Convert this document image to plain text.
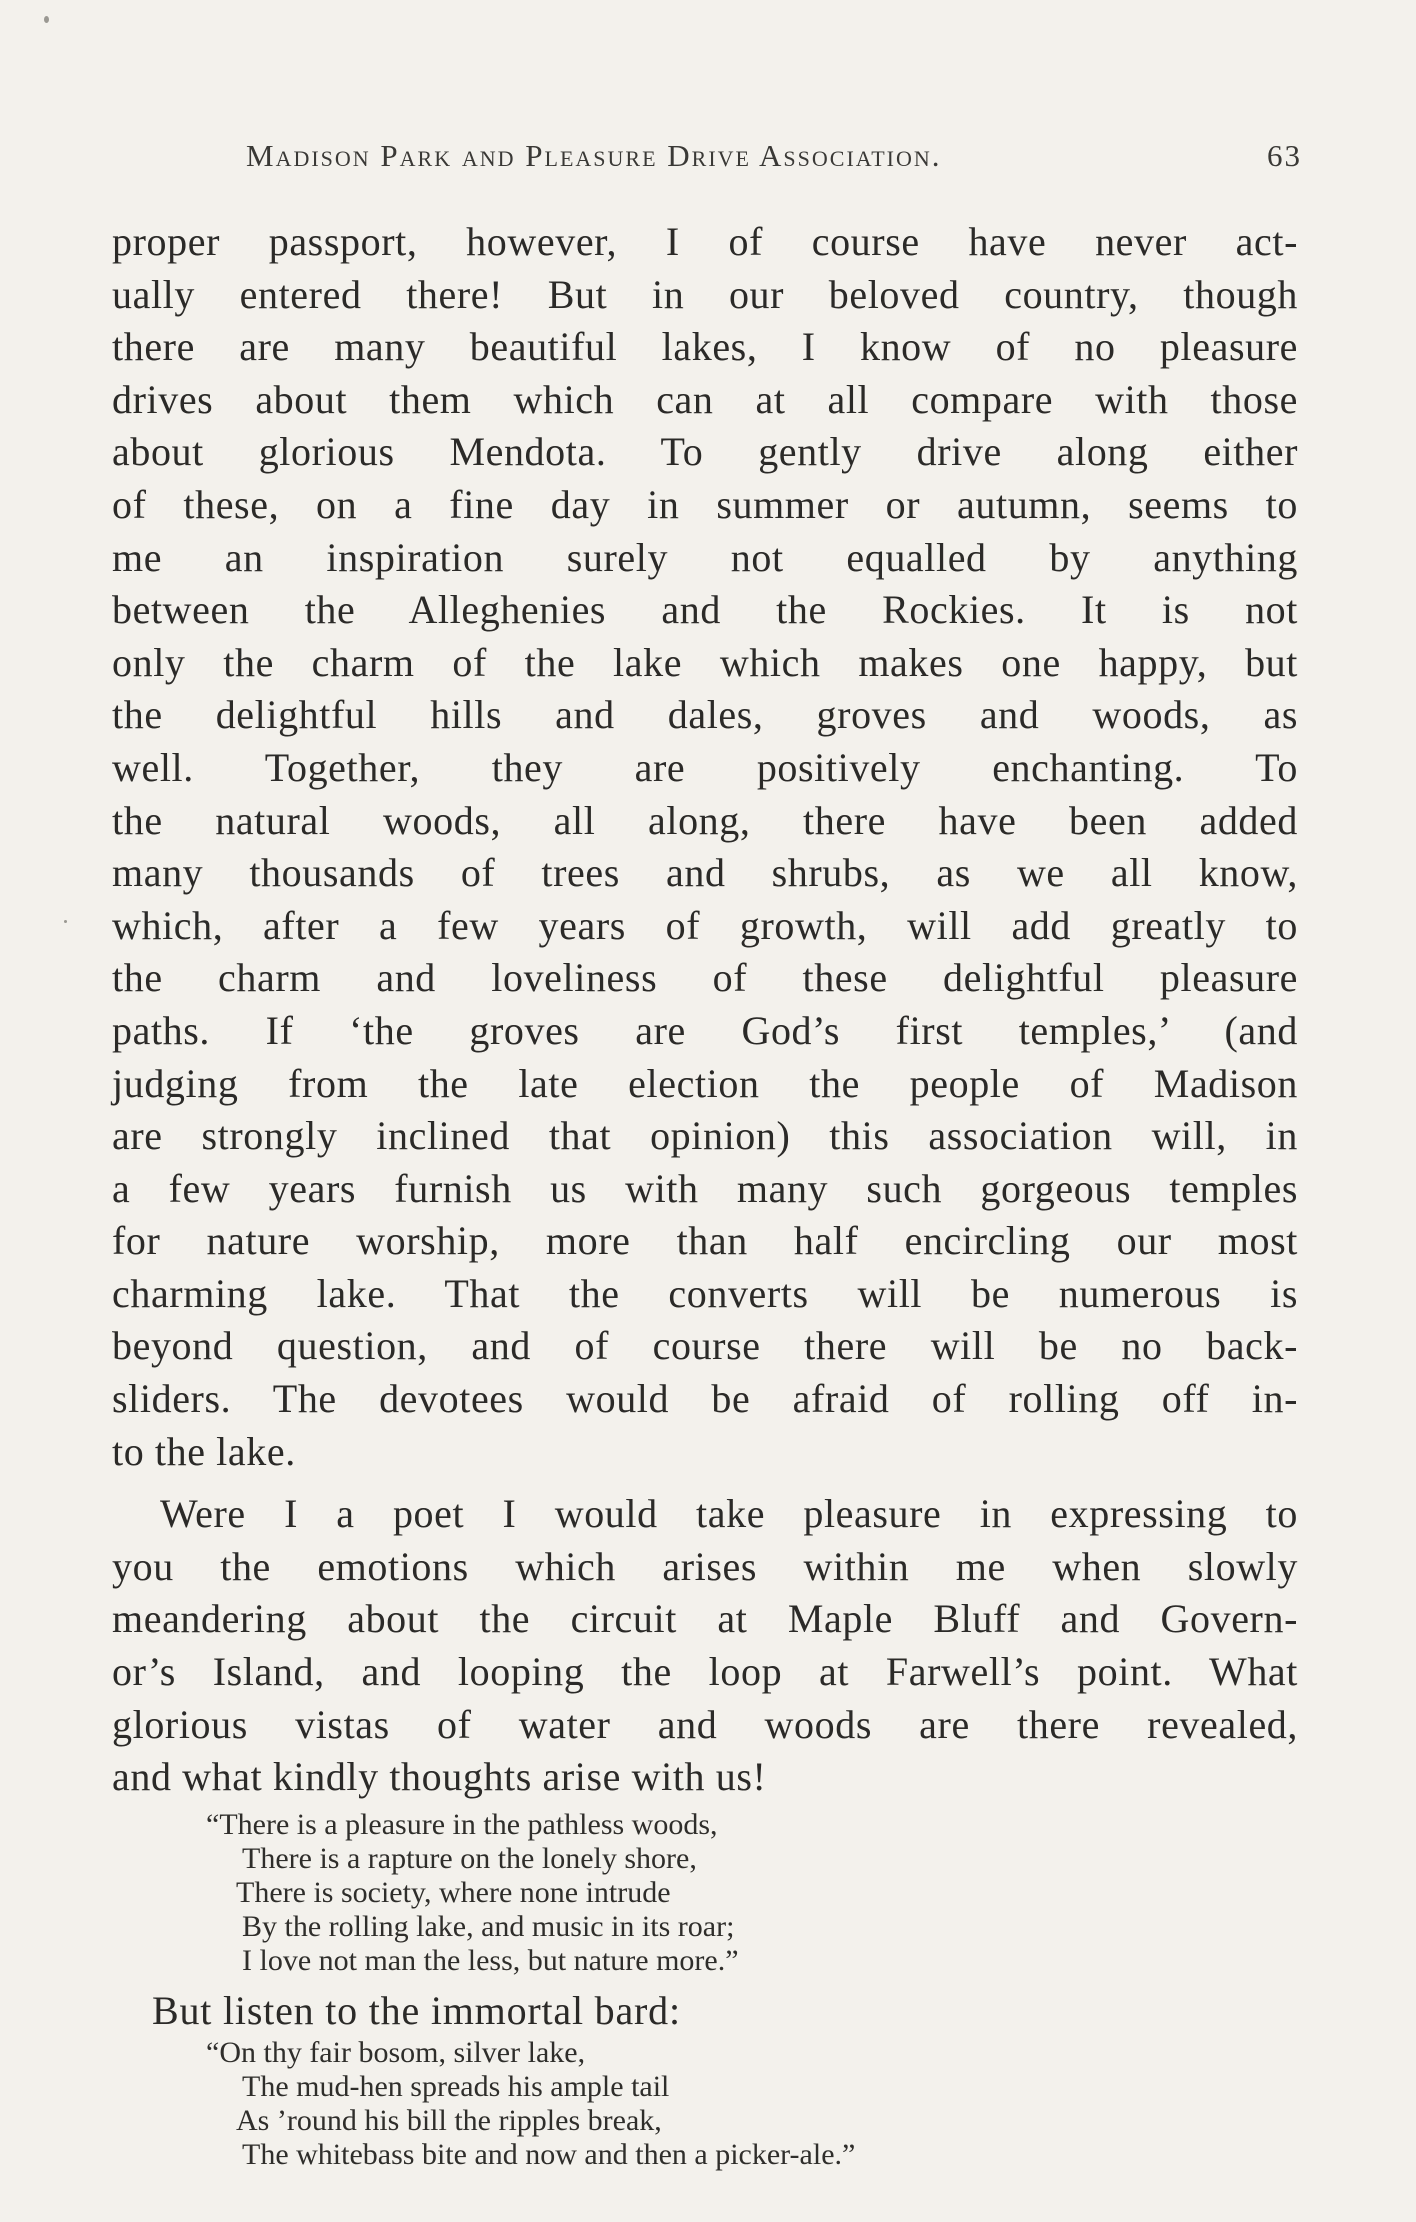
Madison Park and Pleasure Drive Association.	63
proper passport, however, I of course have never act-
ually entered there! But in our beloved country, though
there are many beautiful lakes, I know of no pleasure
drives about them which can at all compare with those
about glorious Mendota. To gently drive along either
of these, on a fine day in summer or autumn, seems to
me an inspiration surely not equalled by anything
between the Alleghenies and the Rockies. It is not
only the charm of the lake which makes one happy, but
the delightful hills and dales, groves and woods, as
well. Together, they are positively enchanting. To
the natural woods, all along, there have been added
many thousands of trees and shrubs, as we all know,
which, after a few years of growth, will add greatly to
the charm and loveliness of these delightful pleasure
paths. If ‘the groves are God’s first temples,’ (and
judging from the late election the people of Madison
are strongly inclined that opinion) this association will, in
a few years furnish us with many such gorgeous temples
for nature worship, more than half encircling our most
charming lake. That the converts will be numerous is
beyond question, and of course there will be no back-
sliders. The devotees would be afraid of rolling off in-
to the lake.
Were I a poet I would take pleasure in expressing to
you the emotions which arises within me when slowly
meandering about the circuit at Maple Bluff and Govern-
or’s Island, and looping the loop at Farwell’s point. What
glorious vistas of water and woods are there revealed,
and what kindly thoughts arise with us!
“There is a pleasure in the pathless woods,
There is a rapture on the lonely shore,
There is society, where none intrude
By the rolling lake, and music in its roar;
I love not man the less, but nature more.”
But listen to the immortal bard:
“On thy fair bosom, silver lake,
The mud-hen spreads his ample tail
As ’round his bill the ripples break,
The whitebass bite and now and then a picker-ale.”
